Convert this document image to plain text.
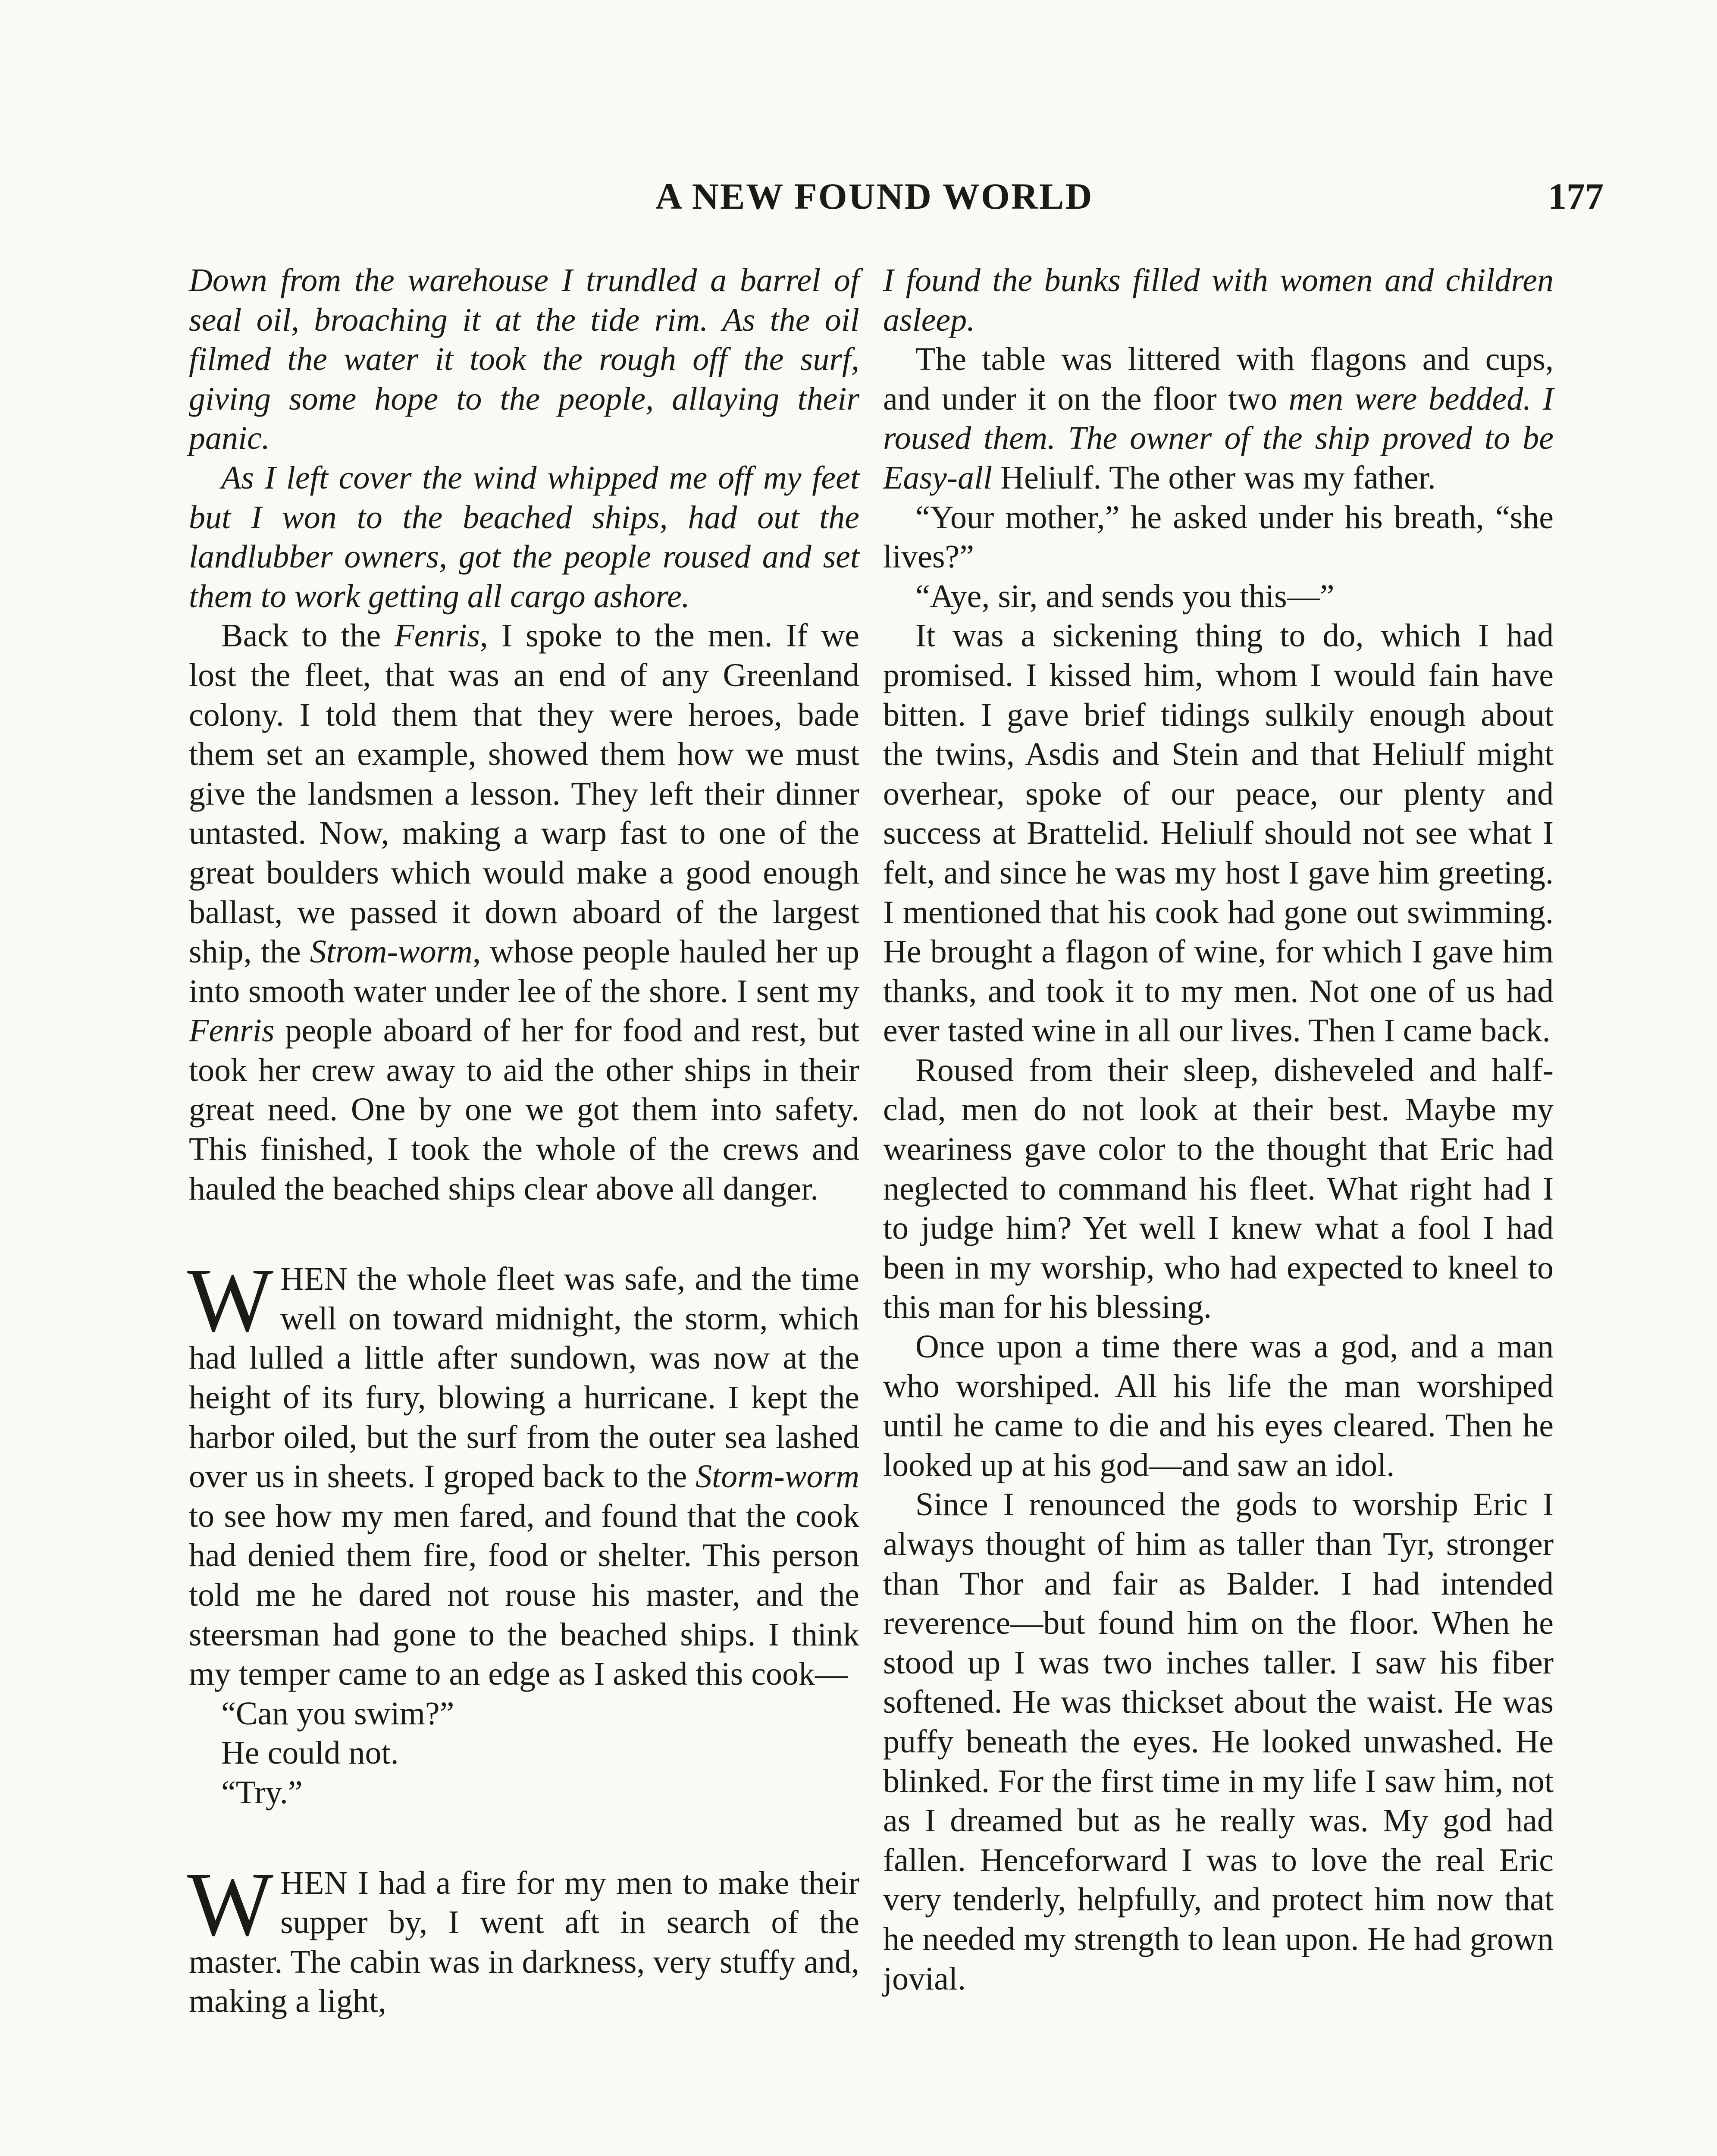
A NEW FOUND WORLD	177

Down from the warehouse I trundled a barrel of seal oil, broaching it at the tide rim. As the oil filmed the water it took the rough off the surf, giving some hope to the people, allaying their panic.

As I left cover the wind whipped me off my feet but I won to the beached ships, had out the landlubber owners, got the people roused and set them to work getting all cargo ashore.

Back to the Fenris, I spoke to the men. If we lost the fleet, that was an end of any Greenland colony. I told them that they were heroes, bade them set an example, showed them how we must give the landsmen a lesson. They left their dinner untasted. Now, making a warp fast to one of the great boulders which would make a good enough ballast, we passed it down aboard of the largest ship, the Strom-worm, whose people hauled her up into smooth water under lee of the shore. I sent my Fenris people aboard of her for food and rest, but took her crew away to aid the other ships in their great need. One by one we got them into safety. This finished, I took the whole of the crews and hauled the beached ships clear above all danger.

WHEN the whole fleet was safe, and the time well on toward midnight, the storm, which had lulled a little after sundown, was now at the height of its fury, blowing a hurricane. I kept the harbor oiled, but the surf from the outer sea lashed over us in sheets. I groped back to the Storm-worm to see how my men fared, and found that the cook had denied them fire, food or shelter. This person told me he dared not rouse his master, and the steersman had gone to the beached ships. I think my temper came to an edge as I asked this cook—

“Can you swim?”

He could not.

“Try.”

WHEN I had a fire for my men to make their supper by, I went aft in search of the master. The cabin was in darkness, very stuffy and, making a light,

I found the bunks filled with women and children asleep.

The table was littered with flagons and cups, and under it on the floor two men were bedded. I roused them. The owner of the ship proved to be Easy-all Heliulf. The other was my father.

“Your mother,” he asked under his breath, “she lives?”

“Aye, sir, and sends you this—”

It was a sickening thing to do, which I had promised. I kissed him, whom I would fain have bitten. I gave brief tidings sulkily enough about the twins, Asdis and Stein and that Heliulf might overhear, spoke of our peace, our plenty and success at Brattelid. Heliulf should not see what I felt, and since he was my host I gave him greeting. I mentioned that his cook had gone out swimming. He brought a flagon of wine, for which I gave him thanks, and took it to my men. Not one of us had ever tasted wine in all our lives. Then I came back.

Roused from their sleep, disheveled and half-clad, men do not look at their best. Maybe my weariness gave color to the thought that Eric had neglected to command his fleet. What right had I to judge him? Yet well I knew what a fool I had been in my worship, who had expected to kneel to this man for his blessing.

Once upon a time there was a god, and a man who worshiped. All his life the man worshiped until he came to die and his eyes cleared. Then he looked up at his god—and saw an idol.

Since I renounced the gods to worship Eric I always thought of him as taller than Tyr, stronger than Thor and fair as Balder. I had intended reverence—but found him on the floor. When he stood up I was two inches taller. I saw his fiber softened. He was thickset about the waist. He was puffy beneath the eyes. He looked unwashed. He blinked. For the first time in my life I saw him, not as I dreamed but as he really was. My god had fallen. Henceforward I was to love the real Eric very tenderly, helpfully, and protect him now that he needed my strength to lean upon. He had grown jovial.
